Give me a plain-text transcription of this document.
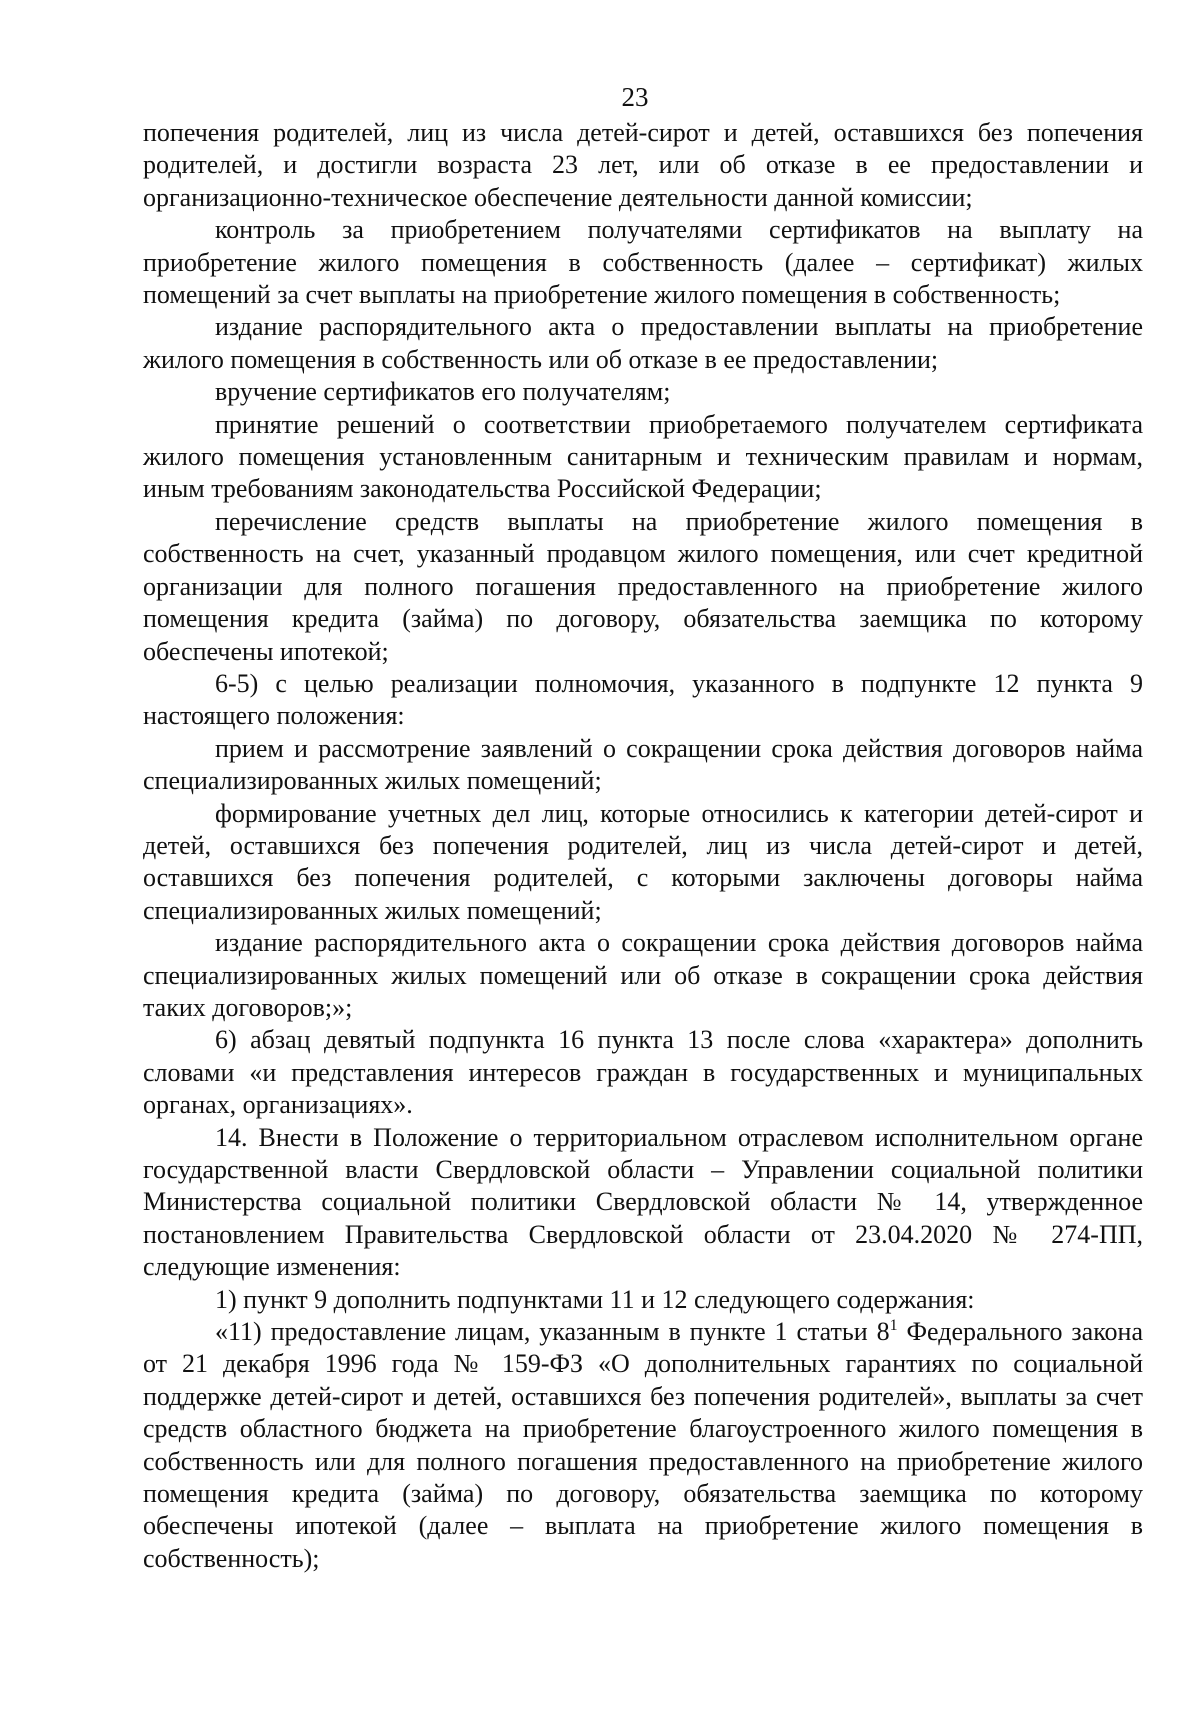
23

попечения родителей, лиц из числа детей-сирот и детей, оставшихся без попечения родителей, и достигли возраста 23 лет, или об отказе в ее предоставлении и организационно-техническое обеспечение деятельности данной комиссии;

контроль за приобретением получателями сертификатов на выплату на приобретение жилого помещения в собственность (далее – сертификат) жилых помещений за счет выплаты на приобретение жилого помещения в собственность;

издание распорядительного акта о предоставлении выплаты на приобретение жилого помещения в собственность или об отказе в ее предоставлении;

вручение сертификатов его получателям;

принятие решений о соответствии приобретаемого получателем сертификата жилого помещения установленным санитарным и техническим правилам и нормам, иным требованиям законодательства Российской Федерации;

перечисление средств выплаты на приобретение жилого помещения в собственность на счет, указанный продавцом жилого помещения, или счет кредитной организации для полного погашения предоставленного на приобретение жилого помещения кредита (займа) по договору, обязательства заемщика по которому обеспечены ипотекой;

6-5) с целью реализации полномочия, указанного в подпункте 12 пункта 9 настоящего положения:

прием и рассмотрение заявлений о сокращении срока действия договоров найма специализированных жилых помещений;

формирование учетных дел лиц, которые относились к категории детей-сирот и детей, оставшихся без попечения родителей, лиц из числа детей-сирот и детей, оставшихся без попечения родителей, с которыми заключены договоры найма специализированных жилых помещений;

издание распорядительного акта о сокращении срока действия договоров найма специализированных жилых помещений или об отказе в сокращении срока действия таких договоров;»;

6) абзац девятый подпункта 16 пункта 13 после слова «характера» дополнить словами «и представления интересов граждан в государственных и муниципальных органах, организациях».

14. Внести в Положение о территориальном отраслевом исполнительном органе государственной власти Свердловской области – Управлении социальной политики Министерства социальной политики Свердловской области № 14, утвержденное постановлением Правительства Свердловской области от 23.04.2020 № 274-ПП, следующие изменения:

1) пункт 9 дополнить подпунктами 11 и 12 следующего содержания:

«11) предоставление лицам, указанным в пункте 1 статьи $8^1$ Федерального закона от 21 декабря 1996 года № 159-ФЗ «О дополнительных гарантиях по социальной поддержке детей-сирот и детей, оставшихся без попечения родителей», выплаты за счет средств областного бюджета на приобретение благоустроенного жилого помещения в собственность или для полного погашения предоставленного на приобретение жилого помещения кредита (займа) по договору, обязательства заемщика по которому обеспечены ипотекой (далее – выплата на приобретение жилого помещения в собственность);
